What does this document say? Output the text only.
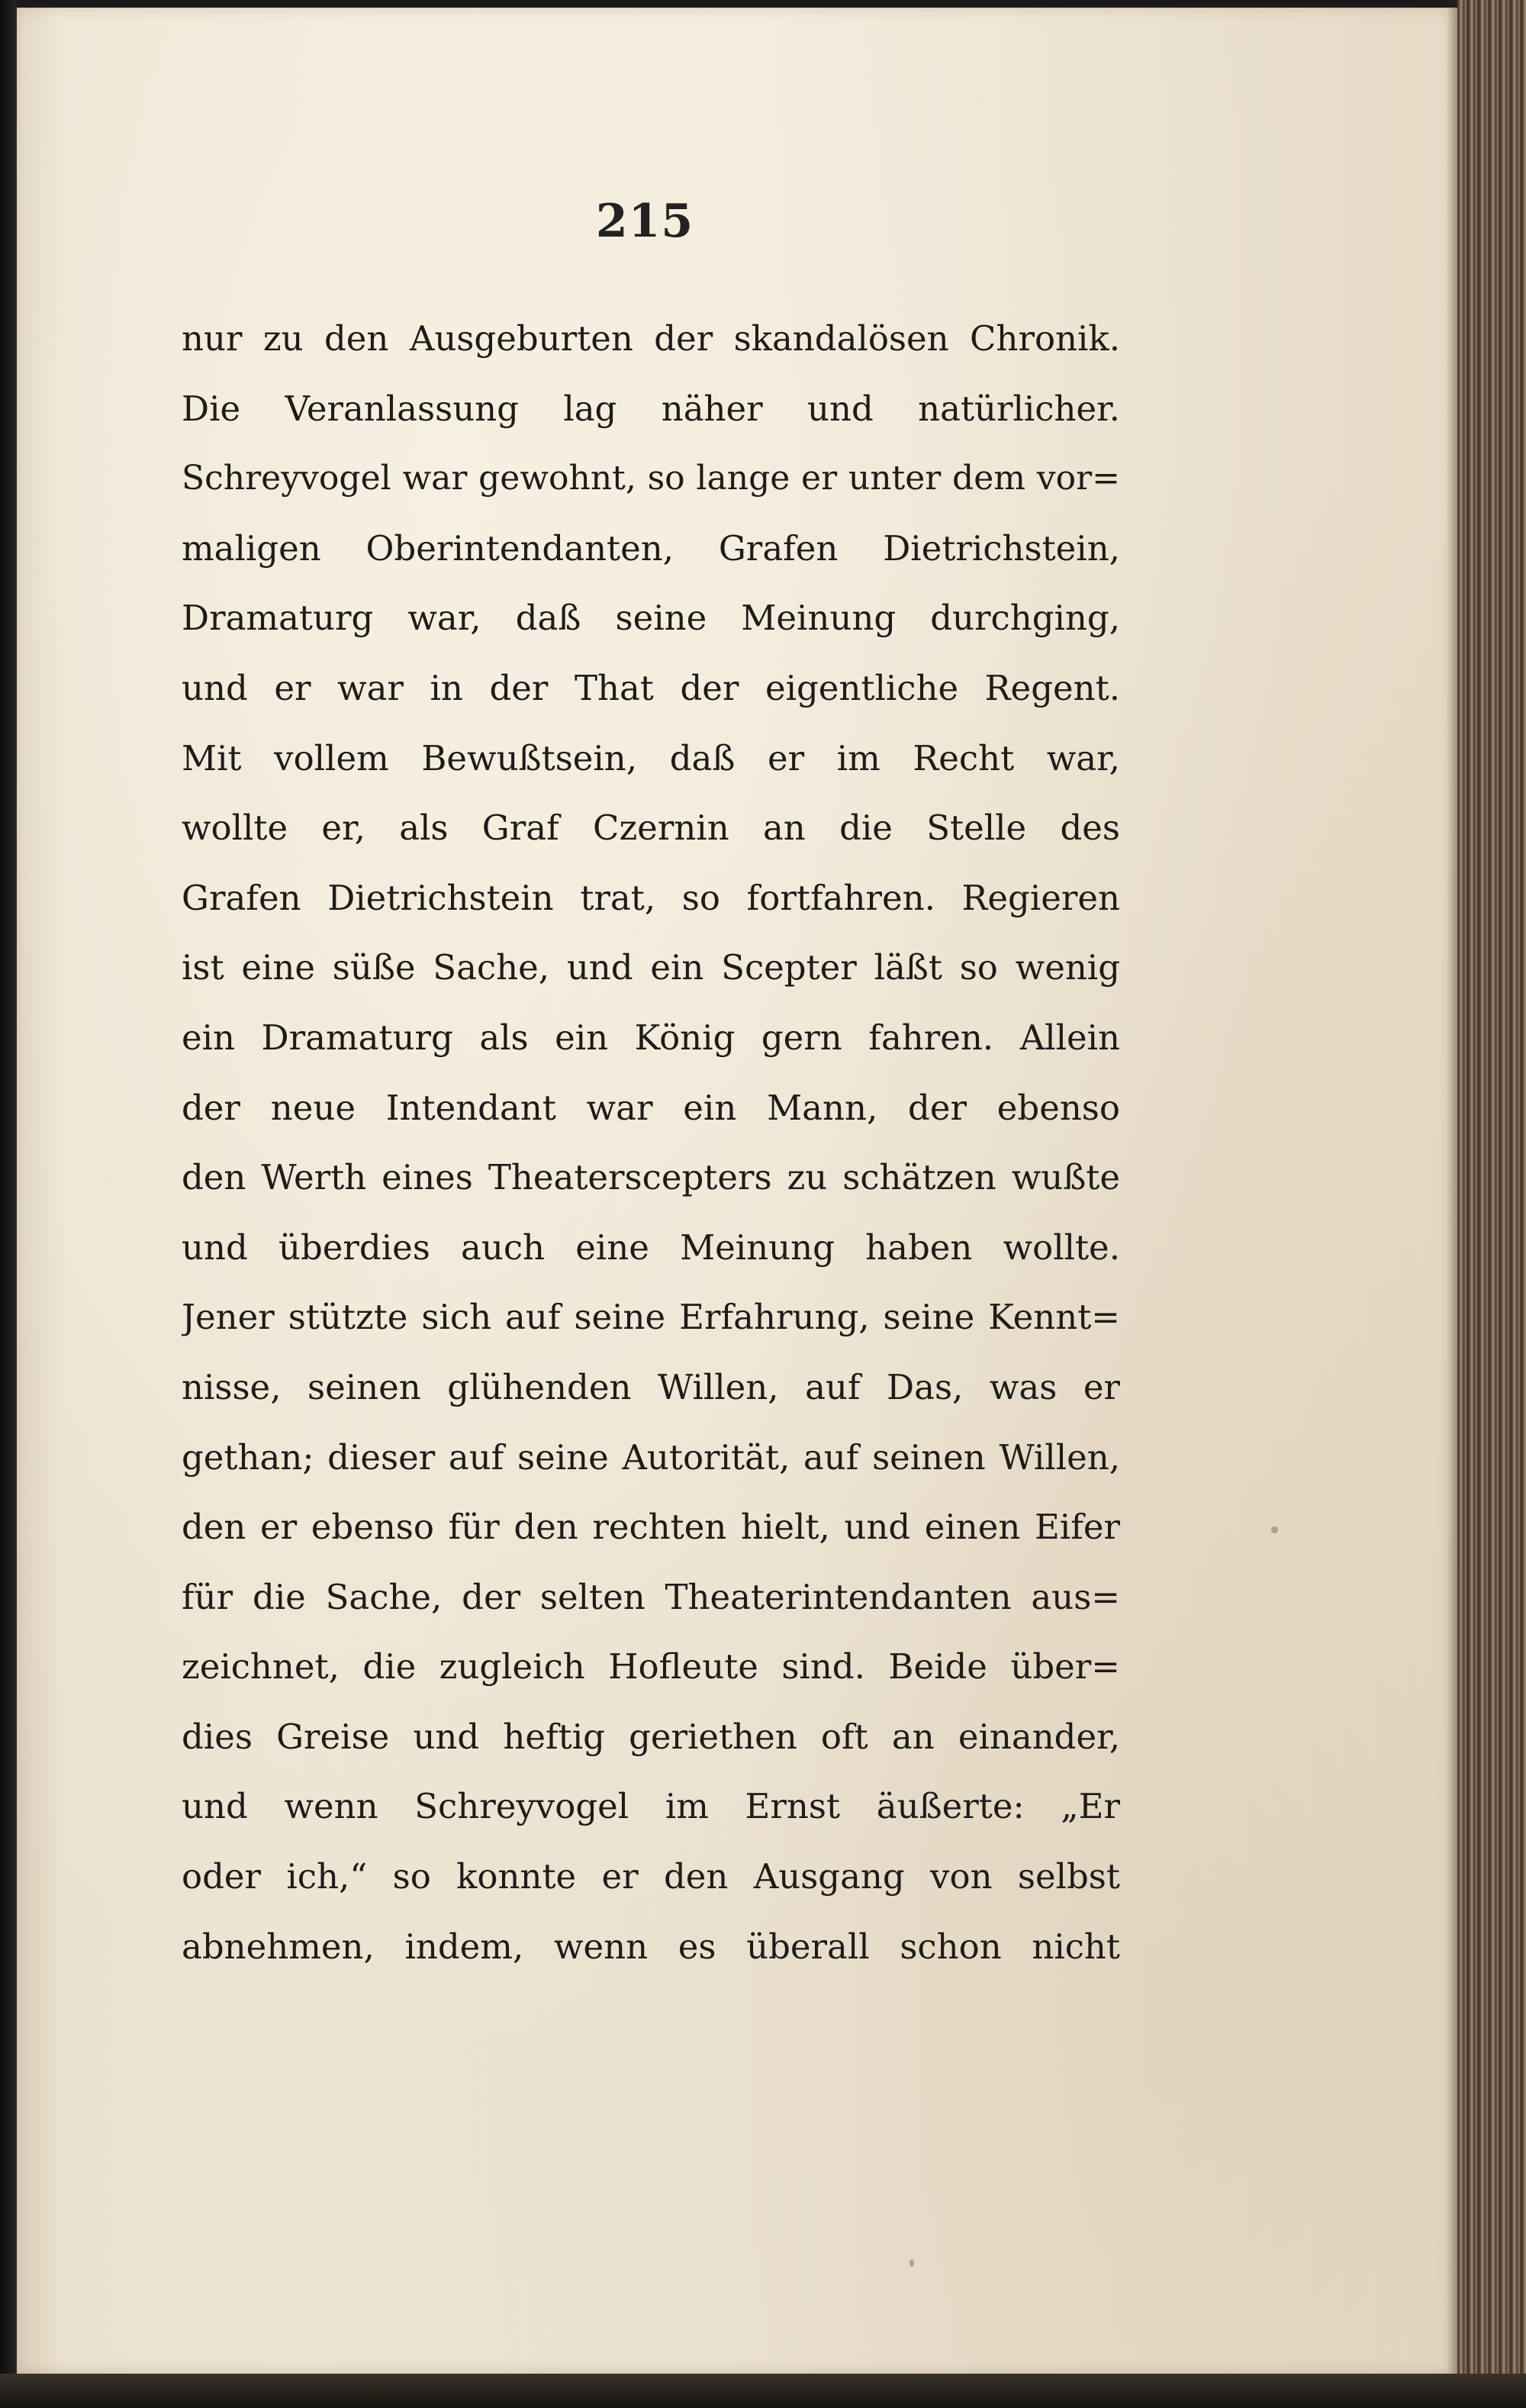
215
nur zu den Ausgeburten der skandalösen Chronik.
Die Veranlassung lag näher und natürlicher.
Schreyvogel war gewohnt, so lange er unter dem vor=
maligen Oberintendanten, Grafen Dietrichstein,
Dramaturg war, daß seine Meinung durchging,
und er war in der That der eigentliche Regent.
Mit vollem Bewußtsein, daß er im Recht war,
wollte er, als Graf Czernin an die Stelle des
Grafen Dietrichstein trat, so fortfahren. Regieren
ist eine süße Sache, und ein Scepter läßt so wenig
ein Dramaturg als ein König gern fahren. Allein
der neue Intendant war ein Mann, der ebenso
den Werth eines Theaterscepters zu schätzen wußte
und überdies auch eine Meinung haben wollte.
Jener stützte sich auf seine Erfahrung, seine Kennt=
nisse, seinen glühenden Willen, auf Das, was er
gethan; dieser auf seine Autorität, auf seinen Willen,
den er ebenso für den rechten hielt, und einen Eifer
für die Sache, der selten Theaterintendanten aus=
zeichnet, die zugleich Hofleute sind. Beide über=
dies Greise und heftig geriethen oft an einander,
und wenn Schreyvogel im Ernst äußerte: „Er
oder ich,“ so konnte er den Ausgang von selbst
abnehmen, indem, wenn es überall schon nicht
